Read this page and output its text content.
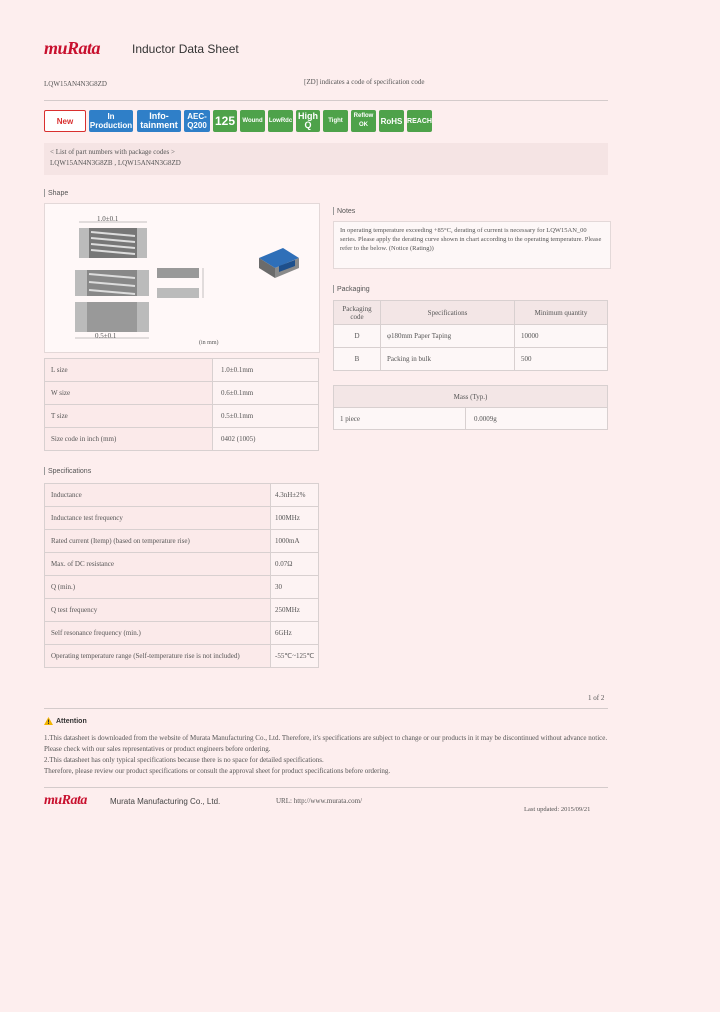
muRata	Inductor Data Sheet
LQW15AN4N3G8ZD	[ZD] indicates a code of specification code
New	In Production
Info-tainment
AEC-Q200 125 Wound LowRdc High Q	Tight
Reflow OK	RoHS REACH
< List of part numbers with package codes >
LQW15AN4N3G8ZB , LQW15AN4N3G8ZD
Shape
0.5±0.1
1.0±0.1
(in mm)
L size	1.0±0.1mm
W size	0.6±0.1mm
T size	0.5±0.1mm
Size code in inch (mm)	0402 (1005)
Notes
In operating temperature exceeding +85°C, derating of current is necessary for LQW15AN_00 series. Please apply the derating curve shown in chart according to the operating temperature. Please refer to the below. (Notice (Rating))
Packaging
Packaging code	Specifications	Minimum quantity
D	φ180mm Paper Taping	10000
B	Packing in bulk	500
Mass (Typ.)
1 piece	0.0009g
Specifications
Inductance	4.3nH±2%
Inductance test frequency	100MHz
Rated current (Itemp) (based on temperature rise)	1000mA
Max. of DC resistance	0.07Ω
Q (min.)	30
Q test frequency	250MHz
Self resonance frequency (min.)	6GHz
Operating temperature range (Self-temperature rise is not included)	-55℃~125℃
1 of 2
Attention
1.This datasheet is downloaded from the website of Murata Manufacturing Co., Ltd. Therefore, it's specifications are subject to change or our products in it may be discontinued without advance notice. Please check with our sales representatives or product engineers before ordering.
2.This datasheet has only typical specifications because there is no space for detailed specifications.
Therefore, please review our product specifications or consult the approval sheet for product specifications before ordering.
muRata	Murata Manufacturing Co., Ltd.	URL: http://www.murata.com/
Last updated: 2015/09/21
